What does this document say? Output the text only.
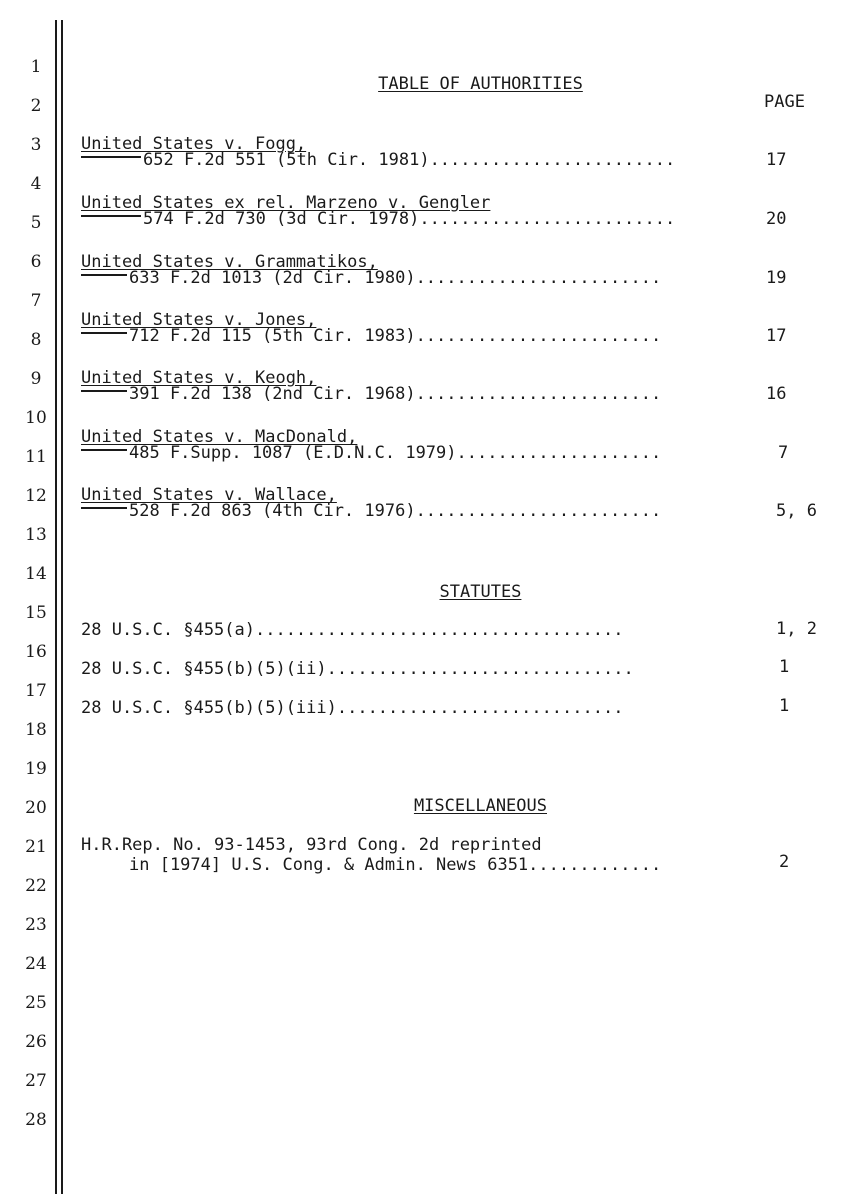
1
2
3
4
5
6
7
8
9
10
11
12
13
14
15
16
17
18
19
20
21
22
23
24
25
26
27
28

TABLE OF AUTHORITIES

PAGE
United States v. Fogg,
652 F.2d 551 (5th Cir. 1981)........................	17
United States ex rel. Marzeno v. Gengler
574 F.2d 730 (3d Cir. 1978).........................	20
United States v. Grammatikos,
633 F.2d 1013 (2d Cir. 1980)........................	19
United States v. Jones,
712 F.2d 115 (5th Cir. 1983)........................	17
United States v. Keogh,
391 F.2d 138 (2nd Cir. 1968)........................	16
United States v. MacDonald,
485 F.Supp. 1087 (E.D.N.C. 1979)....................	7
United States v. Wallace,
528 F.2d 863 (4th Cir. 1976)........................	5, 6

STATUTES

28 U.S.C. §455(a)....................................	1, 2
28 U.S.C. §455(b)(5)(ii)..............................	1
28 U.S.C. §455(b)(5)(iii)............................	1

MISCELLANEOUS

H.R.Rep. No. 93-1453, 93rd Cong. 2d reprinted
in [1974] U.S. Cong. & Admin. News 6351.............	2
